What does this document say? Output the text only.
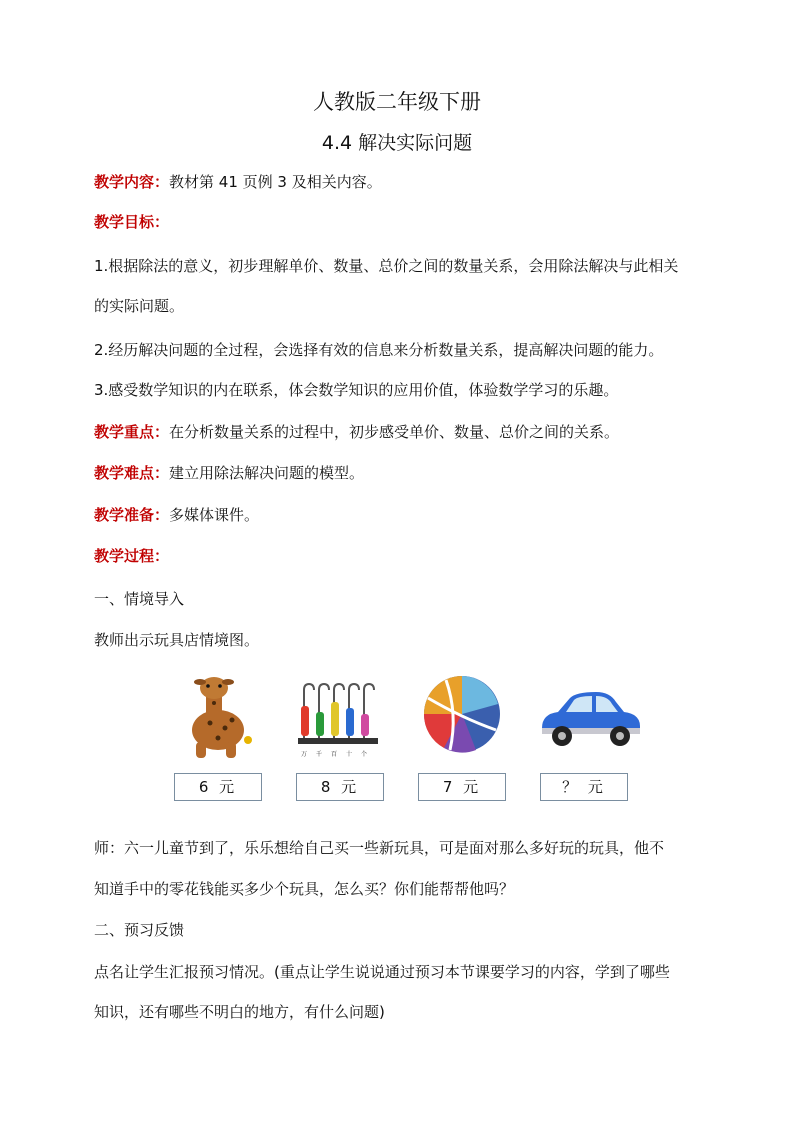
人教版二年级下册
4.4 解决实际问题
教学内容：教材第 41 页例 3 及相关内容。
教学目标：
1.根据除法的意义，初步理解单价、数量、总价之间的数量关系，会用除法解决与此相关
的实际问题。
2.经历解决问题的全过程，会选择有效的信息来分析数量关系，提高解决问题的能力。
3.感受数学知识的内在联系，体会数学知识的应用价值，体验数学学习的乐趣。
教学重点：在分析数量关系的过程中，初步感受单价、数量、总价之间的关系。
教学难点：建立用除法解决问题的模型。
教学准备：多媒体课件。
教学过程：
一、情境导入
教师出示玩具店情境图。
6 元
万 千 百 十 个
8 元	7 元	？ 元
师：六一儿童节到了，乐乐想给自己买一些新玩具，可是面对那么多好玩的玩具，他不
知道手中的零花钱能买多少个玩具，怎么买？你们能帮帮他吗？
二、预习反馈
点名让学生汇报预习情况。(重点让学生说说通过预习本节课要学习的内容，学到了哪些
知识，还有哪些不明白的地方，有什么问题)
